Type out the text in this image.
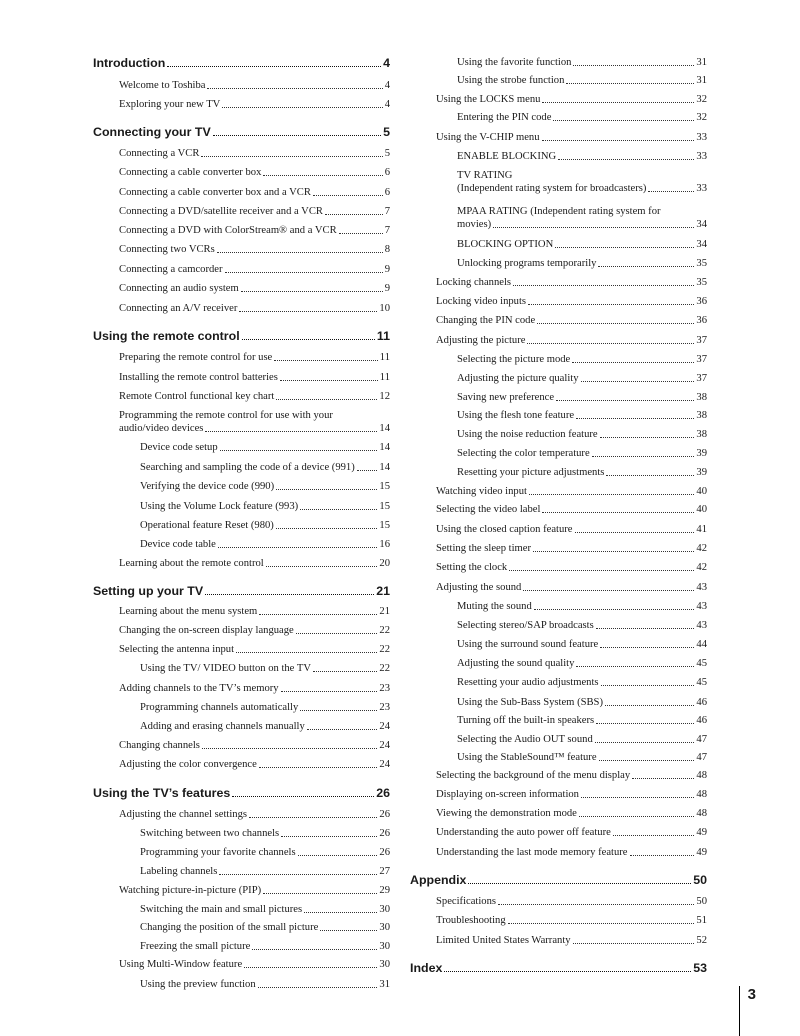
Introduction	4
Welcome to Toshiba	4
Exploring your new TV	4
Connecting your TV	5
Connecting a VCR	5
Connecting a cable converter box	6
Connecting a cable converter box and a VCR	6
Connecting a DVD/satellite receiver and a VCR	7
Connecting a DVD with ColorStream® and a VCR	7
Connecting two VCRs	8
Connecting a camcorder	9
Connecting an audio system	9
Connecting an A/V receiver	10
Using the remote control	11
Preparing the remote control for use	11
Installing the remote control batteries	11
Remote Control functional key chart	12
Programming the remote control for use with your
audio/video devices	14
Device code setup	14
Searching and sampling the code of a device (991) 14
Verifying the device code (990)	15
Using the Volume Lock feature (993)	15
Operational feature Reset (980)	15
Device code table	16
Learning about the remote control	20
Setting up your TV	21
Learning about the menu system	21
Changing the on-screen display language	22
Selecting the antenna input	22
Using the TV/ VIDEO button on the TV	22
Adding channels to the TV’s memory	23
Programming channels automatically	23
Adding and erasing channels manually	24
Changing channels	24
Adjusting the color convergence	24
Using the TV’s features	26
Adjusting the channel settings	26
Switching between two channels	26
Programming your favorite channels	26
Labeling channels	27
Watching picture-in-picture (PIP)	29
Switching the main and small pictures	30
Changing the position of the small picture	30
Freezing the small picture	30
Using Multi-Window feature	30
Using the preview function	31
Using the favorite function	31
Using the strobe function	31
Using the LOCKS menu	32
Entering the PIN code	32
Using the V-CHIP menu	33
ENABLE BLOCKING	33
TV RATING
(Independent rating system for broadcasters)	33
MPAA RATING (Independent rating system for
movies)	34
BLOCKING OPTION	34
Unlocking programs temporarily	35
Locking channels	35
Locking video inputs	36
Changing the PIN code	36
Adjusting the picture	37
Selecting the picture mode	37
Adjusting the picture quality	37
Saving new preference	38
Using the flesh tone feature	38
Using the noise reduction feature	38
Selecting the color temperature	39
Resetting your picture adjustments	39
Watching video input	40
Selecting the video label	40
Using the closed caption feature	41
Setting the sleep timer	42
Setting the clock	42
Adjusting the sound	43
Muting the sound	43
Selecting stereo/SAP broadcasts	43
Using the surround sound feature	44
Adjusting the sound quality	45
Resetting your audio adjustments	45
Using the Sub-Bass System (SBS)	46
Turning off the built-in speakers	46
Selecting the Audio OUT sound	47
Using the StableSound™ feature	47
Selecting the background of the menu display	48
Displaying on-screen information	48
Viewing the demonstration mode	48
Understanding the auto power off feature	49
Understanding the last mode memory feature	49
Appendix	50
Specifications	50
Troubleshooting	51
Limited United States Warranty	52
Index	53
3
